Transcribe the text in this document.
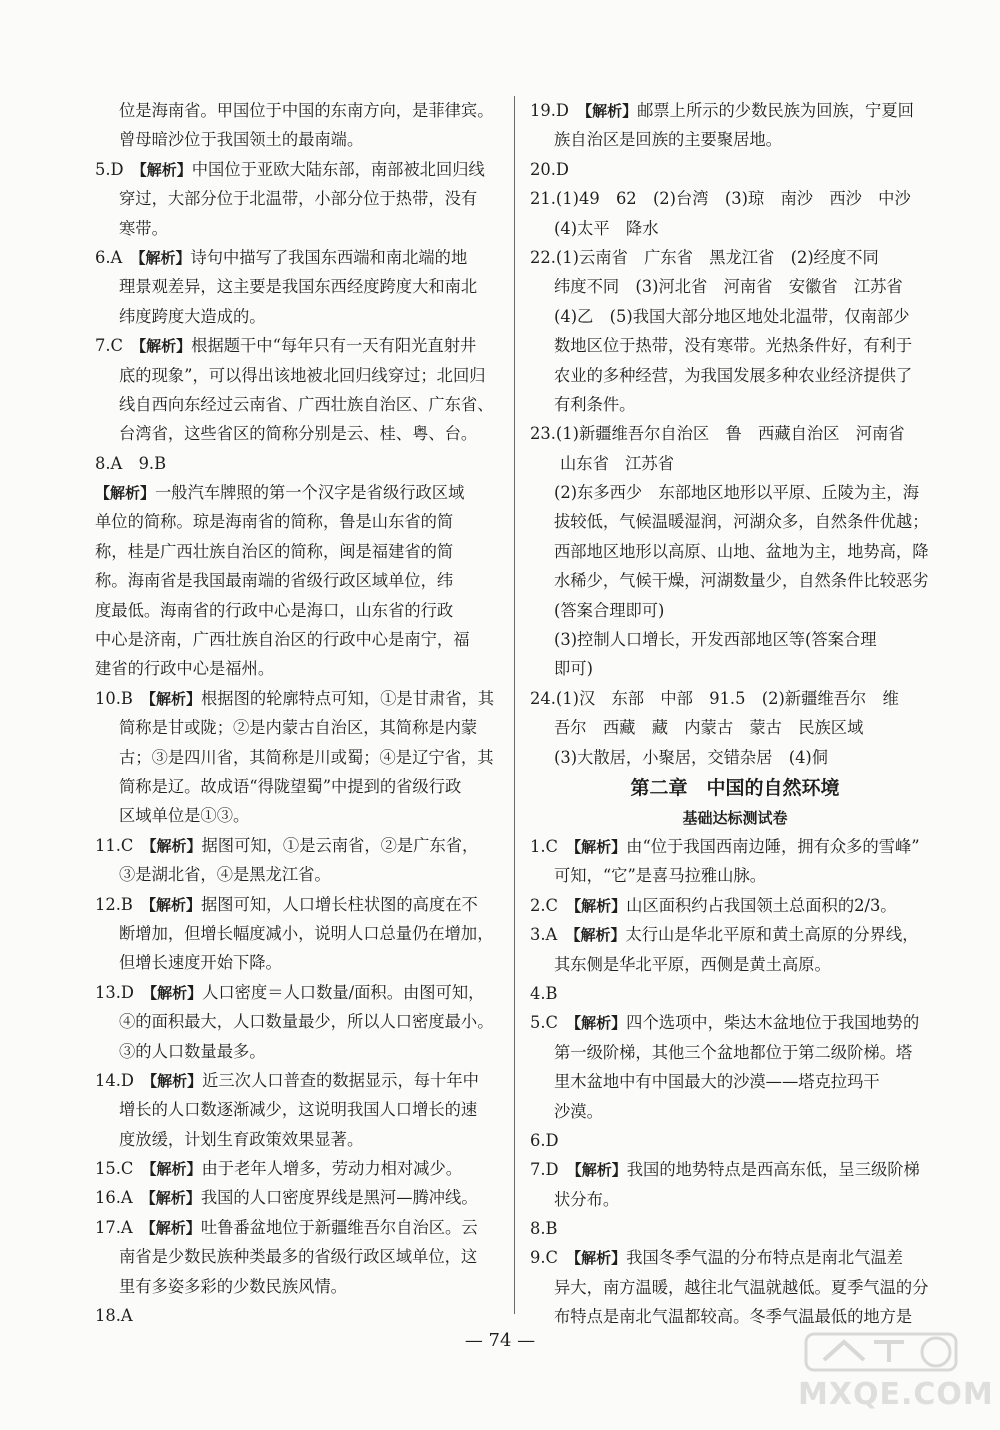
位是海南省。甲国位于中国的东南方向，是菲律宾。
曾母暗沙位于我国领土的最南端。
5.D  【解析】中国位于亚欧大陆东部，南部被北回归线
穿过，大部分位于北温带，小部分位于热带，没有
寒带。
6.A  【解析】诗句中描写了我国东西端和南北端的地
理景观差异，这主要是我国东西经度跨度大和南北
纬度跨度大造成的。
7.C  【解析】根据题干中“每年只有一天有阳光直射井
底的现象”，可以得出该地被北回归线穿过；北回归
线自西向东经过云南省、广西壮族自治区、广东省、
台湾省，这些省区的简称分别是云、桂、粤、台。
8.A　9.B
【解析】一般汽车牌照的第一个汉字是省级行政区域
单位的简称。琼是海南省的简称，鲁是山东省的简
称，桂是广西壮族自治区的简称，闽是福建省的简
称。海南省是我国最南端的省级行政区域单位，纬
度最低。海南省的行政中心是海口，山东省的行政
中心是济南，广西壮族自治区的行政中心是南宁，福
建省的行政中心是福州。
10.B  【解析】根据图的轮廓特点可知，①是甘肃省，其
简称是甘或陇；②是内蒙古自治区，其简称是内蒙
古；③是四川省，其简称是川或蜀；④是辽宁省，其
简称是辽。故成语“得陇望蜀”中提到的省级行政
区域单位是①③。
11.C  【解析】据图可知，①是云南省，②是广东省，
③是湖北省，④是黑龙江省。
12.B  【解析】据图可知，人口增长柱状图的高度在不
断增加，但增长幅度减小，说明人口总量仍在增加，
但增长速度开始下降。
13.D  【解析】人口密度＝人口数量/面积。由图可知，
④的面积最大，人口数量最少，所以人口密度最小。
③的人口数量最多。
14.D  【解析】近三次人口普查的数据显示，每十年中
增长的人口数逐渐减少，这说明我国人口增长的速
度放缓，计划生育政策效果显著。
15.C  【解析】由于老年人增多，劳动力相对减少。
16.A  【解析】我国的人口密度界线是黑河—腾冲线。
17.A  【解析】吐鲁番盆地位于新疆维吾尔自治区。云
南省是少数民族种类最多的省级行政区域单位，这
里有多姿多彩的少数民族风情。
18.A
19.D  【解析】邮票上所示的少数民族为回族，宁夏回
族自治区是回族的主要聚居地。
20.D
21.(1)49　62　(2)台湾　(3)琼　南沙　西沙　中沙
(4)太平　降水
22.(1)云南省　广东省　黑龙江省　(2)经度不同
纬度不同　(3)河北省　河南省　安徽省　江苏省
(4)乙　(5)我国大部分地区地处北温带，仅南部少
数地区位于热带，没有寒带。光热条件好，有利于
农业的多种经营，为我国发展多种农业经济提供了
有利条件。
23.(1)新疆维吾尔自治区　鲁　西藏自治区　河南省
山东省　江苏省
(2)东多西少　东部地区地形以平原、丘陵为主，海
拔较低，气候温暖湿润，河湖众多，自然条件优越；
西部地区地形以高原、山地、盆地为主，地势高，降
水稀少，气候干燥，河湖数量少，自然条件比较恶劣
(答案合理即可)
(3)控制人口增长，开发西部地区等(答案合理
即可)
24.(1)汉　东部　中部　91.5　(2)新疆维吾尔　维
吾尔　西藏　藏　内蒙古　蒙古　民族区域
(3)大散居，小聚居，交错杂居　(4)侗
第二章　中国的自然环境
基础达标测试卷
1.C  【解析】由“位于我国西南边陲，拥有众多的雪峰”
可知，“它”是喜马拉雅山脉。
2.C  【解析】山区面积约占我国领土总面积的2/3。
3.A  【解析】太行山是华北平原和黄土高原的分界线，
其东侧是华北平原，西侧是黄土高原。
4.B
5.C  【解析】四个选项中，柴达木盆地位于我国地势的
第一级阶梯，其他三个盆地都位于第二级阶梯。塔
里木盆地中有中国最大的沙漠——塔克拉玛干
沙漠。
6.D
7.D  【解析】我国的地势特点是西高东低，呈三级阶梯
状分布。
8.B
9.C  【解析】我国冬季气温的分布特点是南北气温差
异大，南方温暖，越往北气温就越低。夏季气温的分
布特点是南北气温都较高。冬季气温最低的地方是
— 74 —
MXQE.COM
